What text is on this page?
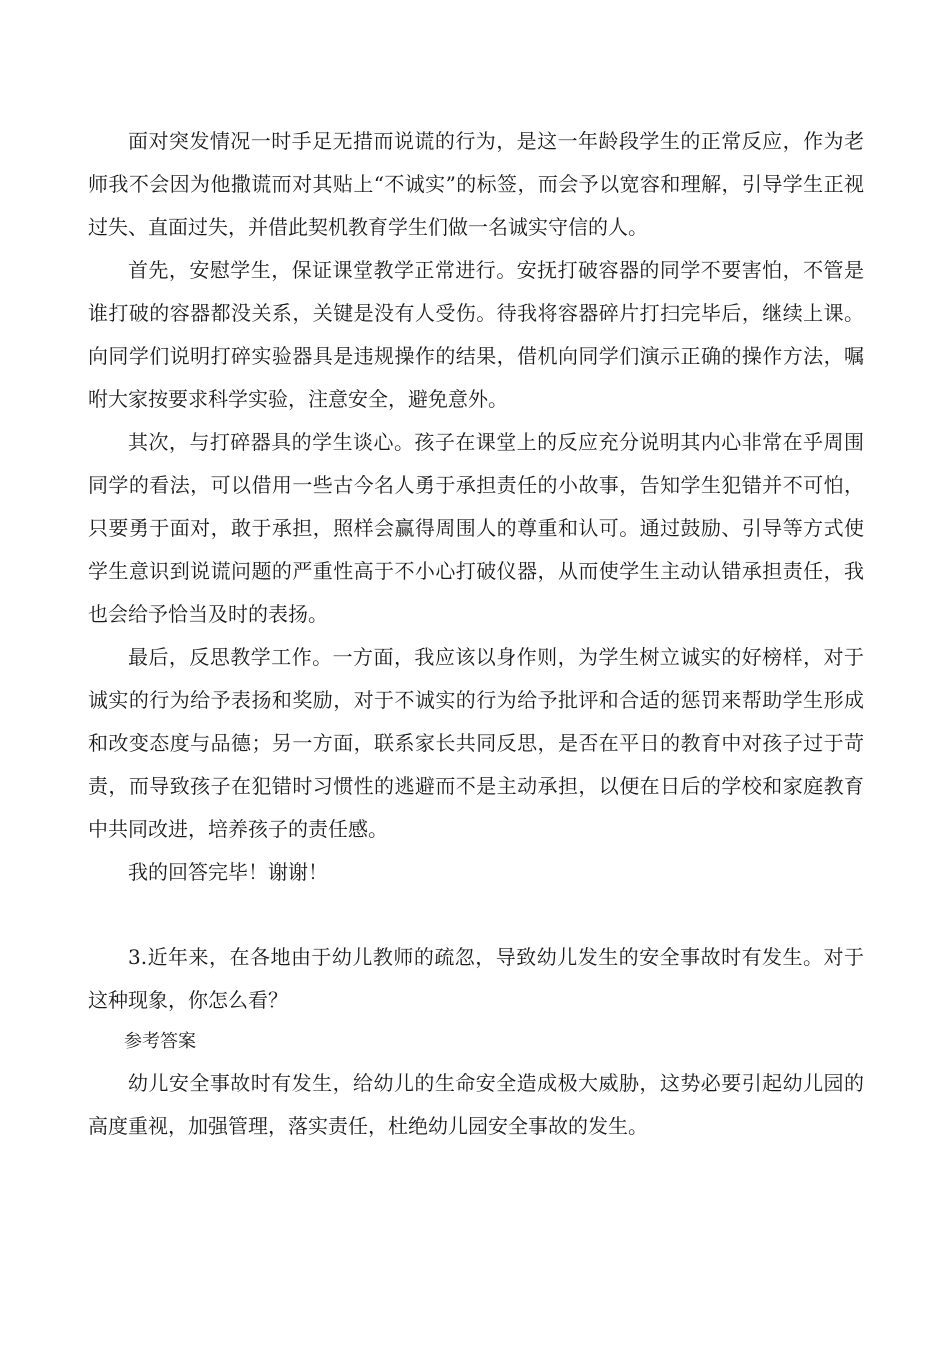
面对突发情况一时手足无措而说谎的行为，是这一年龄段学生的正常反应，作为老师我不会因为他撒谎而对其贴上“不诚实”的标签，而会予以宽容和理解，引导学生正视过失、直面过失，并借此契机教育学生们做一名诚实守信的人。

首先，安慰学生，保证课堂教学正常进行。安抚打破容器的同学不要害怕，不管是谁打破的容器都没关系，关键是没有人受伤。待我将容器碎片打扫完毕后，继续上课。向同学们说明打碎实验器具是违规操作的结果，借机向同学们演示正确的操作方法，嘱咐大家按要求科学实验，注意安全，避免意外。

其次，与打碎器具的学生谈心。孩子在课堂上的反应充分说明其内心非常在乎周围同学的看法，可以借用一些古今名人勇于承担责任的小故事，告知学生犯错并不可怕，只要勇于面对，敢于承担，照样会赢得周围人的尊重和认可。通过鼓励、引导等方式使学生意识到说谎问题的严重性高于不小心打破仪器，从而使学生主动认错承担责任，我也会给予恰当及时的表扬。

最后，反思教学工作。一方面，我应该以身作则，为学生树立诚实的好榜样，对于诚实的行为给予表扬和奖励，对于不诚实的行为给予批评和合适的惩罚来帮助学生形成和改变态度与品德；另一方面，联系家长共同反思，是否在平日的教育中对孩子过于苛责，而导致孩子在犯错时习惯性的逃避而不是主动承担，以便在日后的学校和家庭教育中共同改进，培养孩子的责任感。

我的回答完毕！谢谢！

3.近年来，在各地由于幼儿教师的疏忽，导致幼儿发生的安全事故时有发生。对于这种现象，你怎么看？

参考答案

幼儿安全事故时有发生，给幼儿的生命安全造成极大威胁，这势必要引起幼儿园的高度重视，加强管理，落实责任，杜绝幼儿园安全事故的发生。
